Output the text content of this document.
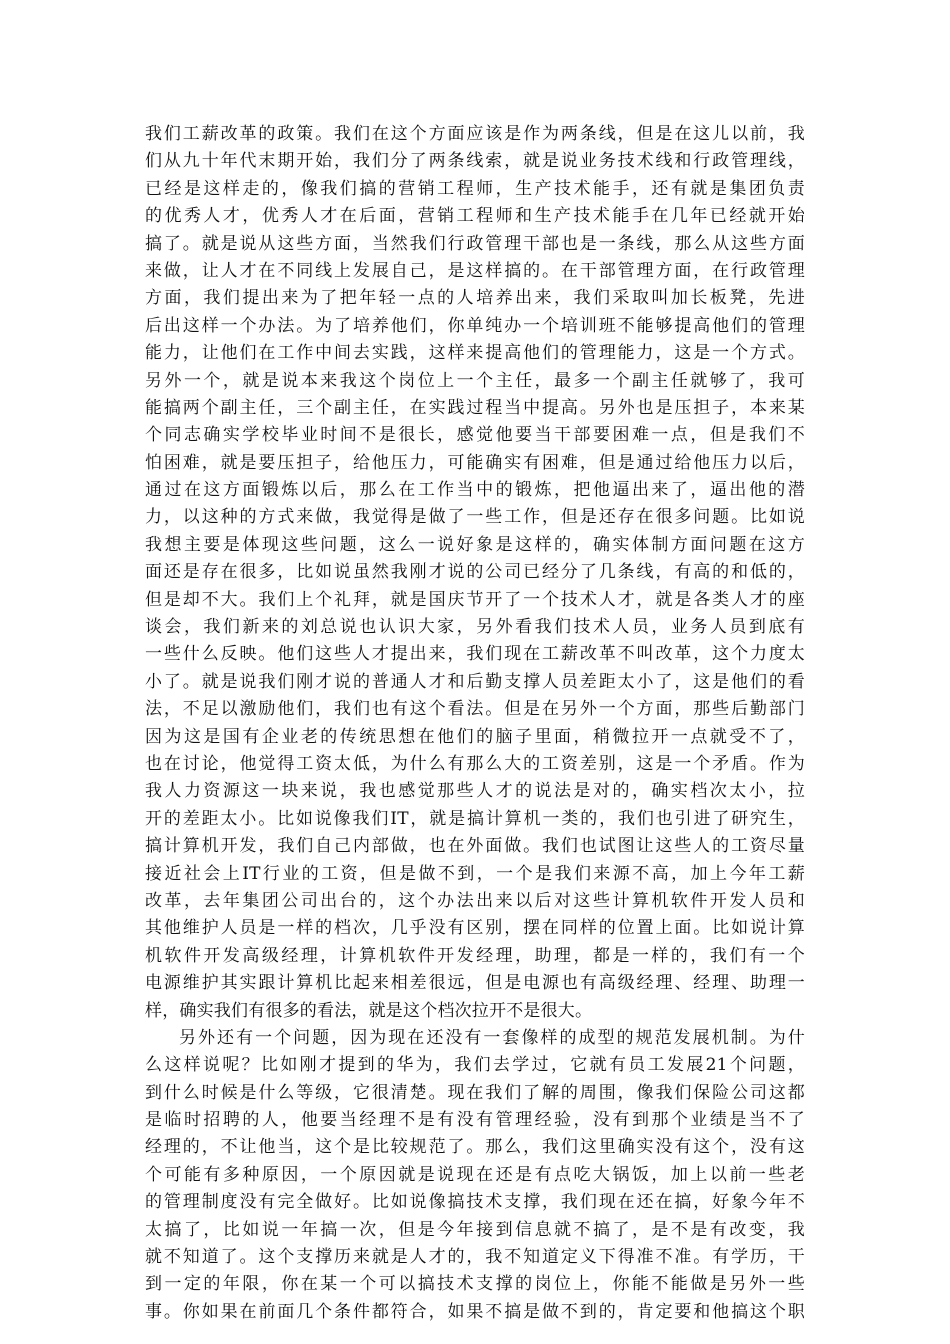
我们工薪改革的政策。我们在这个方面应该是作为两条线，但是在这儿以前，我
们从九十年代末期开始，我们分了两条线索，就是说业务技术线和行政管理线，
已经是这样走的，像我们搞的营销工程师，生产技术能手，还有就是集团负责
的优秀人才，优秀人才在后面，营销工程师和生产技术能手在几年已经就开始
搞了。就是说从这些方面，当然我们行政管理干部也是一条线，那么从这些方面
来做，让人才在不同线上发展自己，是这样搞的。在干部管理方面，在行政管理
方面，我们提出来为了把年轻一点的人培养出来，我们采取叫加长板凳，先进
后出这样一个办法。为了培养他们，你单纯办一个培训班不能够提高他们的管理
能力，让他们在工作中间去实践，这样来提高他们的管理能力，这是一个方式。
另外一个，就是说本来我这个岗位上一个主任，最多一个副主任就够了，我可
能搞两个副主任，三个副主任，在实践过程当中提高。另外也是压担子，本来某
个同志确实学校毕业时间不是很长，感觉他要当干部要困难一点，但是我们不
怕困难，就是要压担子，给他压力，可能确实有困难，但是通过给他压力以后，
通过在这方面锻炼以后，那么在工作当中的锻炼，把他逼出来了，逼出他的潜
力，以这种的方式来做，我觉得是做了一些工作，但是还存在很多问题。比如说
我想主要是体现这些问题，这么一说好象是这样的，确实体制方面问题在这方
面还是存在很多，比如说虽然我刚才说的公司已经分了几条线，有高的和低的，
但是却不大。我们上个礼拜，就是国庆节开了一个技术人才，就是各类人才的座
谈会，我们新来的刘总说也认识大家，另外看我们技术人员，业务人员到底有
一些什么反映。他们这些人才提出来，我们现在工薪改革不叫改革，这个力度太
小了。就是说我们刚才说的普通人才和后勤支撑人员差距太小了，这是他们的看
法，不足以激励他们，我们也有这个看法。但是在另外一个方面，那些后勤部门
因为这是国有企业老的传统思想在他们的脑子里面，稍微拉开一点就受不了，
也在讨论，他觉得工资太低，为什么有那么大的工资差别，这是一个矛盾。作为
我人力资源这一块来说，我也感觉那些人才的说法是对的，确实档次太小，拉
开的差距太小。比如说像我们IT，就是搞计算机一类的，我们也引进了研究生，
搞计算机开发，我们自己内部做，也在外面做。我们也试图让这些人的工资尽量
接近社会上IT行业的工资，但是做不到，一个是我们来源不高，加上今年工薪
改革，去年集团公司出台的，这个办法出来以后对这些计算机软件开发人员和
其他维护人员是一样的档次，几乎没有区别，摆在同样的位置上面。比如说计算
机软件开发高级经理，计算机软件开发经理，助理，都是一样的，我们有一个
电源维护其实跟计算机比起来相差很远，但是电源也有高级经理、经理、助理一
样，确实我们有很多的看法，就是这个档次拉开不是很大。
另外还有一个问题，因为现在还没有一套像样的成型的规范发展机制。为什
么这样说呢？比如刚才提到的华为，我们去学过，它就有员工发展21个问题，
到什么时候是什么等级，它很清楚。现在我们了解的周围，像我们保险公司这都
是临时招聘的人，他要当经理不是有没有管理经验，没有到那个业绩是当不了
经理的，不让他当，这个是比较规范了。那么，我们这里确实没有这个，没有这
个可能有多种原因，一个原因就是说现在还是有点吃大锅饭，加上以前一些老
的管理制度没有完全做好。比如说像搞技术支撑，我们现在还在搞，好象今年不
太搞了，比如说一年搞一次，但是今年接到信息就不搞了，是不是有改变，我
就不知道了。这个支撑历来就是人才的，我不知道定义下得准不准。有学历，干
到一定的年限，你在某一个可以搞技术支撑的岗位上，你能不能做是另外一些
事。你如果在前面几个条件都符合，如果不搞是做不到的，肯定要和他搞这个职
